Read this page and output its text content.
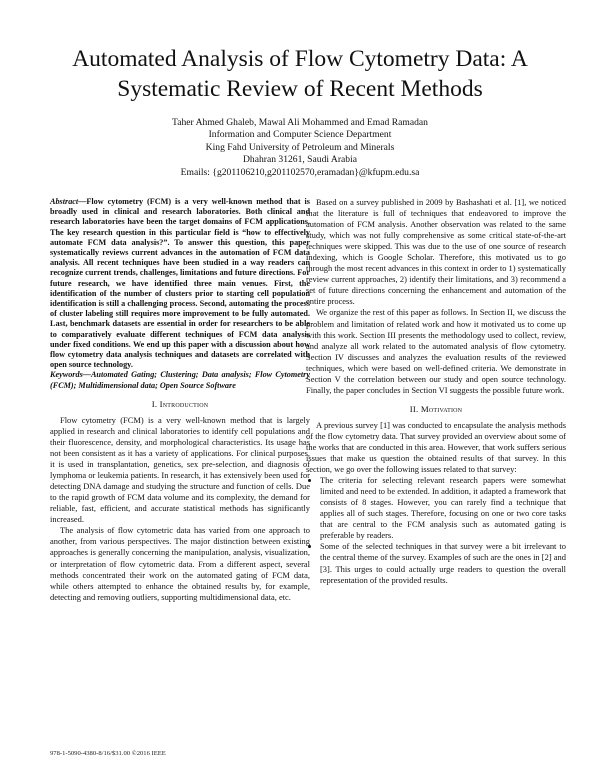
Automated Analysis of Flow Cytometry Data: A
Systematic Review of Recent Methods
Taher Ahmed Ghaleb, Mawal Ali Mohammed and Emad Ramadan
Information and Computer Science Department
King Fahd University of Petroleum and Minerals
Dhahran 31261, Saudi Arabia
Emails: {g201106210,g201102570,eramadan}@kfupm.edu.sa

Abstract—Flow cytometry (FCM) is a very well-known method that is broadly used in clinical and research laboratories. Both clinical and research laboratories have been the target domains of FCM applications. The key research question in this particular field is “how to effectively automate FCM data analysis?”. To answer this question, this paper systematically reviews current advances in the automation of FCM data analysis. All recent techniques have been studied in a way readers can recognize current trends, challenges, limitations and future directions. For future research, we have identified three main venues. First, the identification of the number of clusters prior to starting cell population identification is still a challenging process. Second, automating the process of cluster labeling still requires more improvement to be fully automated. Last, benchmark datasets are essential in order for researchers to be able to comparatively evaluate different techniques of FCM data analysis under fixed conditions. We end up this paper with a discussion about how flow cytometry data analysis techniques and datasets are correlated with open source technology.

Keywords—Automated Gating; Clustering; Data analysis; Flow Cytometry (FCM); Multidimensional data; Open Source Software

I. Introduction

Flow cytometry (FCM) is a very well-known method that is largely applied in research and clinical laboratories to identify cell populations and their fluorescence, density, and morphological characteristics. Its usage has not been consistent as it has a variety of applications. For clinical purposes, it is used in transplantation, genetics, sex pre-selection, and diagnosis of lymphoma or leukemia patients. In research, it has extensively been used for detecting DNA damage and studying the structure and function of cells. Due to the rapid growth of FCM data volume and its complexity, the demand for reliable, fast, efficient, and accurate statistical methods has significantly increased.

The analysis of flow cytometric data has varied from one approach to another, from various perspectives. The major distinction between existing approaches is generally concerning the manipulation, analysis, visualization, or interpretation of flow cytometric data. From a different aspect, several methods concentrated their work on the automated gating of FCM data, while others attempted to enhance the obtained results by, for example, detecting and removing outliers, supporting multidimensional data, etc.

Based on a survey published in 2009 by Bashashati et al. [1], we noticed that the literature is full of techniques that endeavored to improve the automation of FCM analysis. Another observation was related to the same study, which was not fully comprehensive as some critical state-of-the-art techniques were skipped. This was due to the use of one source of research indexing, which is Google Scholar. Therefore, this motivated us to go through the most recent advances in this context in order to 1) systematically review current approaches, 2) identify their limitations, and 3) recommend a set of future directions concerning the enhancement and automation of the entire process.

We organize the rest of this paper as follows. In Section II, we discuss the problem and limitation of related work and how it motivated us to come up with this work. Section III presents the methodology used to collect, review, and analyze all work related to the automated analysis of flow cytometry. Section IV discusses and analyzes the evaluation results of the reviewed techniques, which were based on well-defined criteria. We demonstrate in Section V the correlation between our study and open source technology. Finally, the paper concludes in Section VI suggests the possible future work.

II. Motivation

A previous survey [1] was conducted to encapsulate the analysis methods of the flow cytometry data. That survey provided an overview about some of the works that are conducted in this area. However, that work suffers serious issues that make us question the obtained results of that survey. In this section, we go over the following issues related to that survey:

• The criteria for selecting relevant research papers were somewhat limited and need to be extended. In addition, it adapted a framework that consists of 8 stages. However, you can rarely find a technique that applies all of such stages. Therefore, focusing on one or two core tasks that are central to the FCM analysis such as automated gating is preferable by readers.
• Some of the selected techniques in that survey were a bit irrelevant to the central theme of the survey. Examples of such are the ones in [2] and [3]. This urges to could actually urge readers to question the overall representation of the provided results.
978-1-5090-4380-8/16/$31.00 ©2016 IEEE
